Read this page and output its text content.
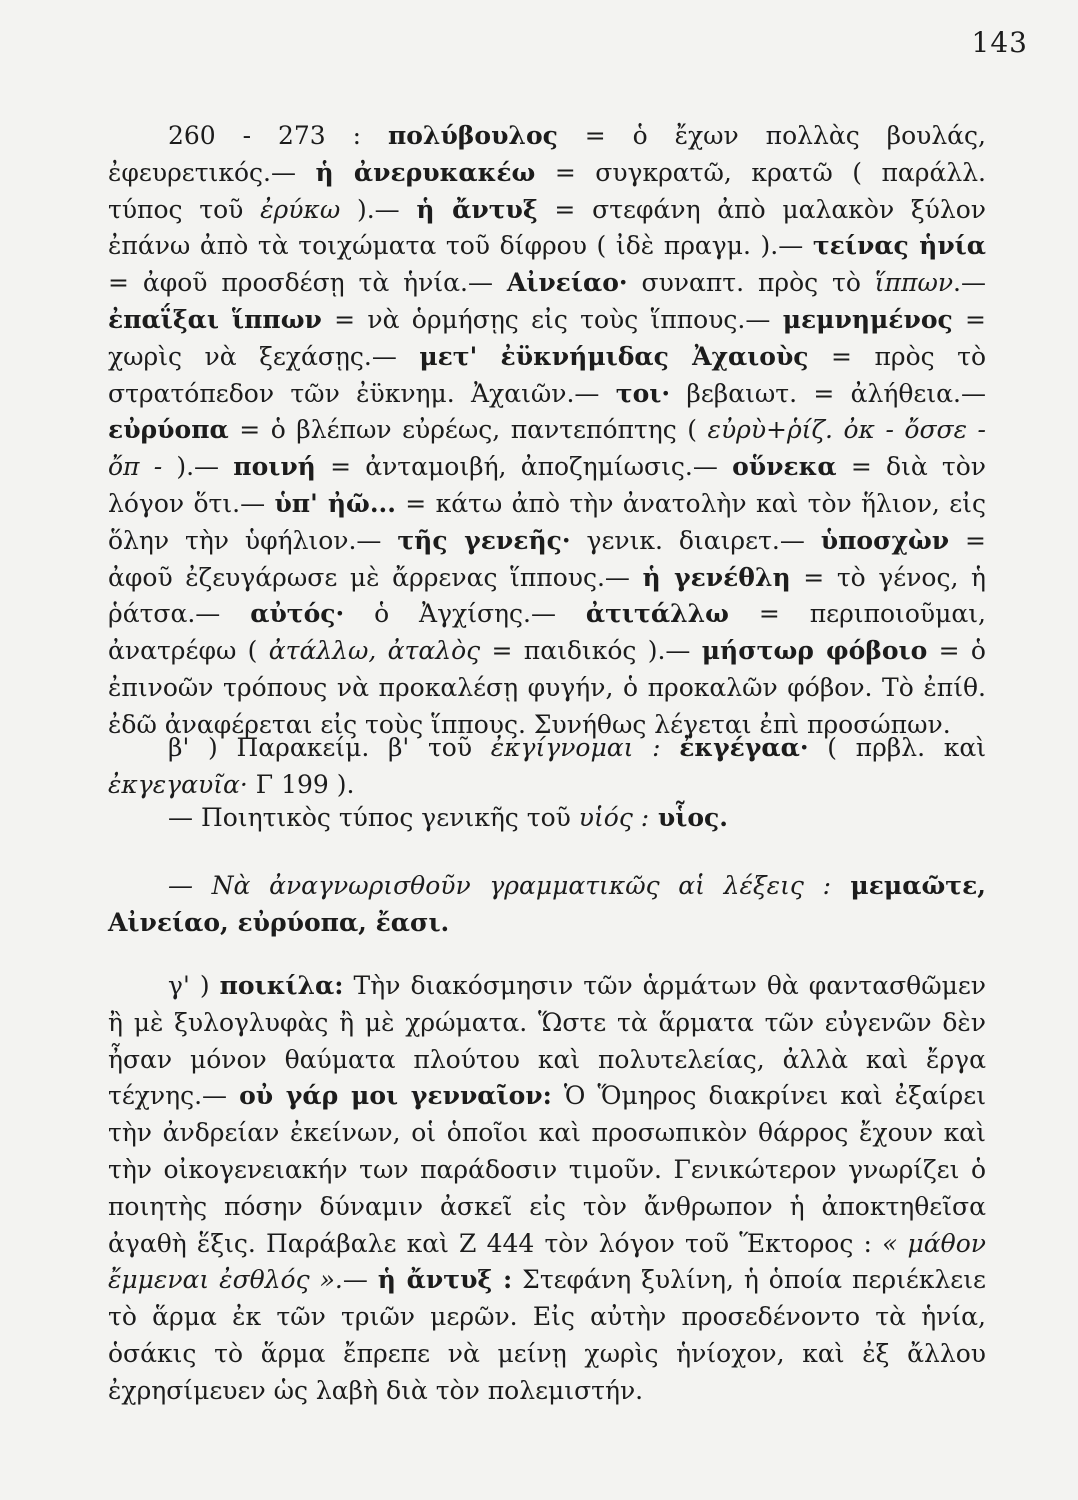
143

260 - 273 : πολύβουλος = ὁ ἔχων πολλὰς βουλάς, ἐφευρετικός.— ἡ ἀνερυκακέω = συγκρατῶ, κρατῶ ( παράλλ. τύπος τοῦ ἐρύκω ).— ἡ ἄντυξ = στεφάνη ἀπὸ μαλακὸν ξύλον ἐπάνω ἀπὸ τὰ τοιχώματα τοῦ δίφρου ( ἰδὲ πραγμ. ).— τείνας ἡνία = ἀφοῦ προσδέσῃ τὰ ἡνία.— Αἰνείαο· συναπτ. πρὸς τὸ ἵππων.— ἐπαΐξαι ἵππων = νὰ ὁρμήσῃς εἰς τοὺς ἵππους.— μεμνημένος = χωρὶς νὰ ξεχάσῃς.— μετ' ἐϋκνήμιδας Ἀχαιοὺς = πρὸς τὸ στρατόπεδον τῶν ἐϋκνημ. Ἀχαιῶν.— τοι· βεβαιωτ. = ἀλήθεια.— εὐρύοπα = ὁ βλέπων εὐρέως, παντεπόπτης ( εὐρὺ+ῥίζ. ὀκ - ὄσσε - ὄπ - ).— ποινή = ἀνταμοιβή, ἀποζημίωσις.— οὕνεκα = διὰ τὸν λόγον ὅτι.— ὑπ' ἠῶ... = κάτω ἀπὸ τὴν ἀνατολὴν καὶ τὸν ἥλιον, εἰς ὅλην τὴν ὑφήλιον.— τῆς γενεῆς· γενικ. διαιρετ.— ὑποσχὼν = ἀφοῦ ἐζευγάρωσε μὲ ἄρρενας ἵππους.— ἡ γενέθλη = τὸ γένος, ἡ ῥάτσα.— αὐτός· ὁ Ἀγχίσης.— ἀτιτάλλω = περιποιοῦμαι, ἀνατρέφω ( ἀτάλλω, ἀταλὸς = παιδικός ).— μήστωρ φόβοιο = ὁ ἐπινοῶν τρόπους νὰ προκαλέσῃ φυγήν, ὁ προκαλῶν φόβον. Τὸ ἐπίθ. ἐδῶ ἀναφέρεται εἰς τοὺς ἵππους. Συνήθως λέγεται ἐπὶ προσώπων.

β' ) Παρακείμ. β' τοῦ ἐκγίγνομαι : ἐκγέγαα· ( πρβλ. καὶ ἐκγεγαυῖα· Γ 199 ).

— Ποιητικὸς τύπος γενικῆς τοῦ υἱός : υἷος.

— Νὰ ἀναγνωρισθοῦν γραμματικῶς αἱ λέξεις : μεμαῶτε, Αἰνείαο, εὐρύοπα, ἔασι.

γ' ) ποικίλα: Τὴν διακόσμησιν τῶν ἁρμάτων θὰ φαντασθῶμεν ἢ μὲ ξυλογλυφὰς ἢ μὲ χρώματα. Ὥστε τὰ ἅρματα τῶν εὐγενῶν δὲν ἦσαν μόνον θαύματα πλούτου καὶ πολυτελείας, ἀλλὰ καὶ ἔργα τέχνης.— οὐ γάρ μοι γενναῖον: Ὁ Ὅμηρος διακρίνει καὶ ἐξαίρει τὴν ἀνδρείαν ἐκείνων, οἱ ὁποῖοι καὶ προσωπικὸν θάρρος ἔχουν καὶ τὴν οἰκογενειακήν των παράδοσιν τιμοῦν. Γενικώτερον γνωρίζει ὁ ποιητὴς πόσην δύναμιν ἀσκεῖ εἰς τὸν ἄνθρωπον ἡ ἀποκτηθεῖσα ἀγαθὴ ἕξις. Παράβαλε καὶ Ζ 444 τὸν λόγον τοῦ Ἕκτορος : « μάθον ἔμμεναι ἐσθλός ».— ἡ ἄντυξ : Στεφάνη ξυλίνη, ἡ ὁποία περιέκλειε τὸ ἅρμα ἐκ τῶν τριῶν μερῶν. Εἰς αὐτὴν προσεδένοντο τὰ ἡνία, ὁσάκις τὸ ἅρμα ἔπρεπε νὰ μείνῃ χωρὶς ἡνίοχον, καὶ ἐξ ἄλλου ἐχρησίμευεν ὡς λαβὴ διὰ τὸν πολεμιστήν.
